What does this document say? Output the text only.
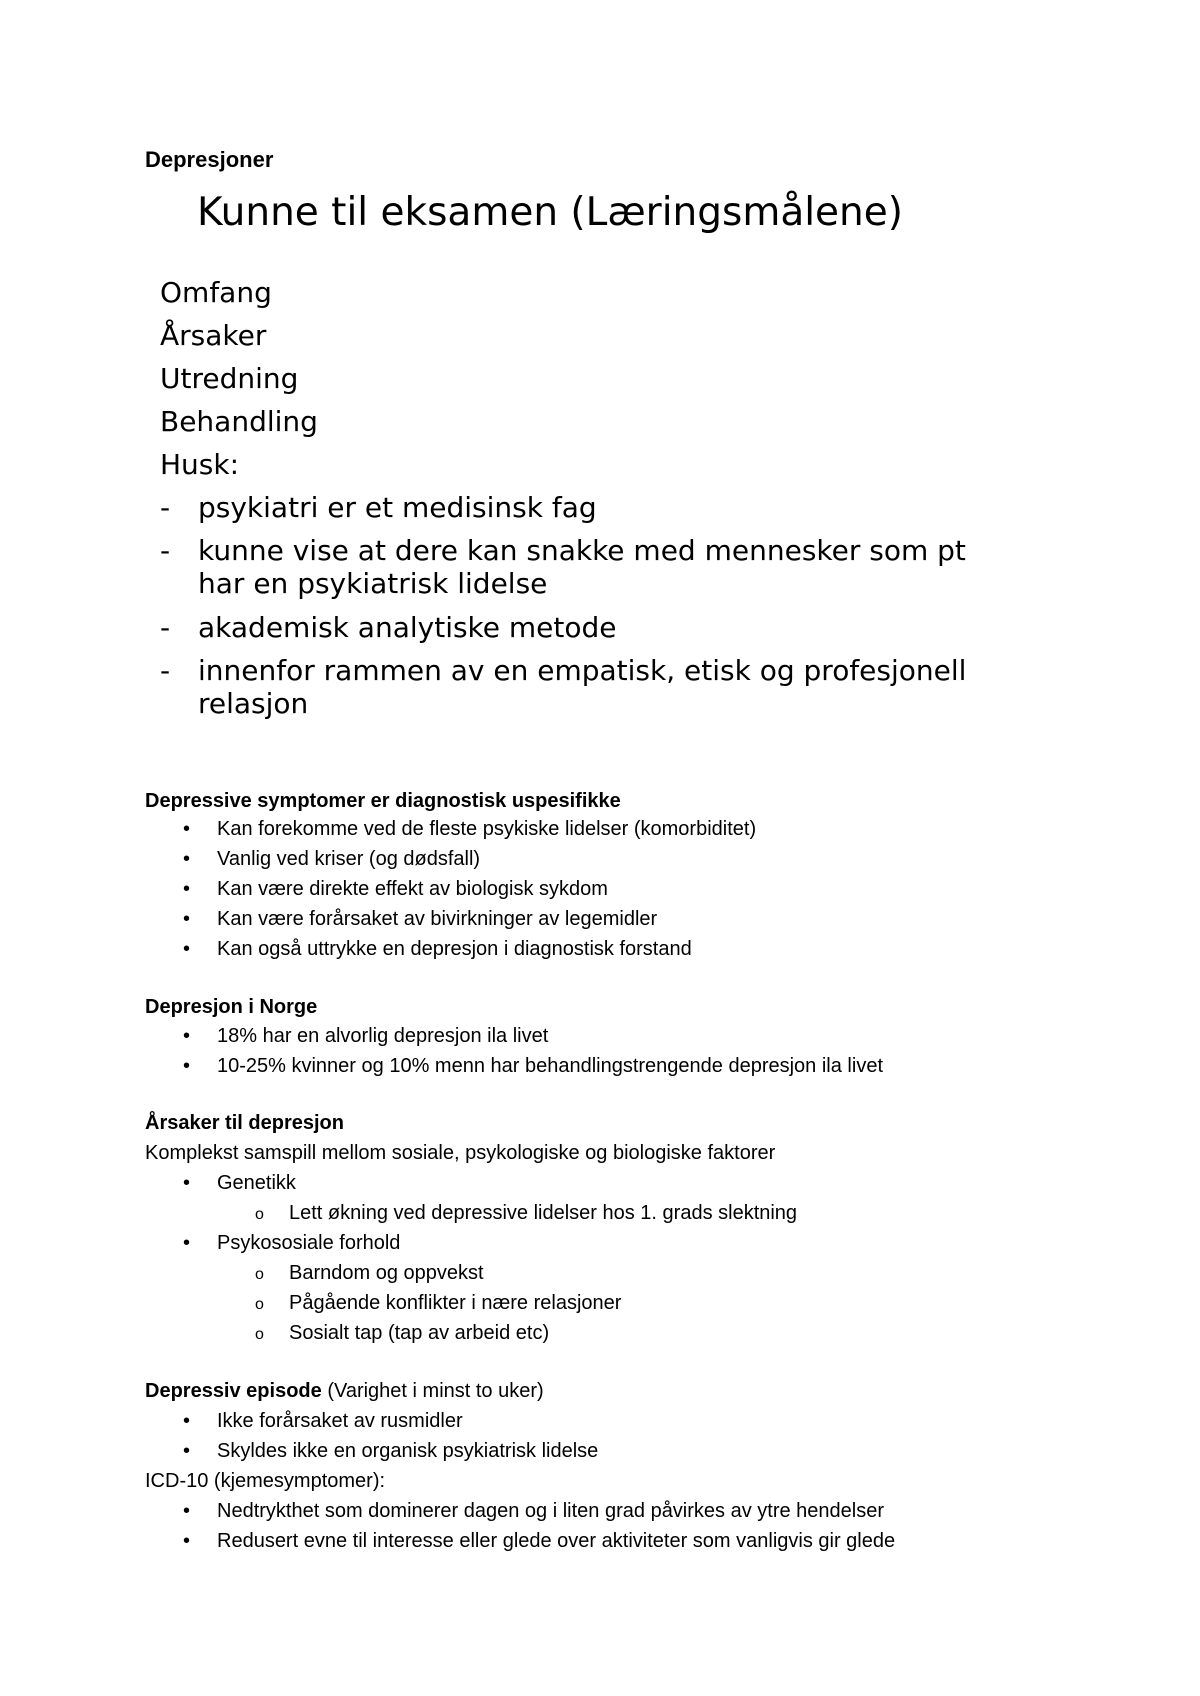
Depresjoner
Kunne til eksamen (Læringsmålene)
Omfang
Årsaker
Utredning
Behandling
Husk:
- psykiatri er et medisinsk fag
- kunne vise at dere kan snakke med mennesker som pt
har en psykiatrisk lidelse
- akademisk analytiske metode
- innenfor rammen av en empatisk, etisk og profesjonell
relasjon
Depressive symptomer er diagnostisk uspesifikke
• Kan forekomme ved de fleste psykiske lidelser (komorbiditet)
• Vanlig ved kriser (og dødsfall)
• Kan være direkte effekt av biologisk sykdom
• Kan være forårsaket av bivirkninger av legemidler
• Kan også uttrykke en depresjon i diagnostisk forstand
Depresjon i Norge
• 18% har en alvorlig depresjon ila livet
• 10-25% kvinner og 10% menn har behandlingstrengende depresjon ila livet
Årsaker til depresjon
Komplekst samspill mellom sosiale, psykologiske og biologiske faktorer
• Genetikk
o Lett økning ved depressive lidelser hos 1. grads slektning
• Psykososiale forhold
o Barndom og oppvekst
o Pågående konflikter i nære relasjoner
o Sosialt tap (tap av arbeid etc)
Depressiv episode (Varighet i minst to uker)
• Ikke forårsaket av rusmidler
• Skyldes ikke en organisk psykiatrisk lidelse
ICD-10 (kjemesymptomer):
• Nedtrykthet som dominerer dagen og i liten grad påvirkes av ytre hendelser
• Redusert evne til interesse eller glede over aktiviteter som vanligvis gir glede
